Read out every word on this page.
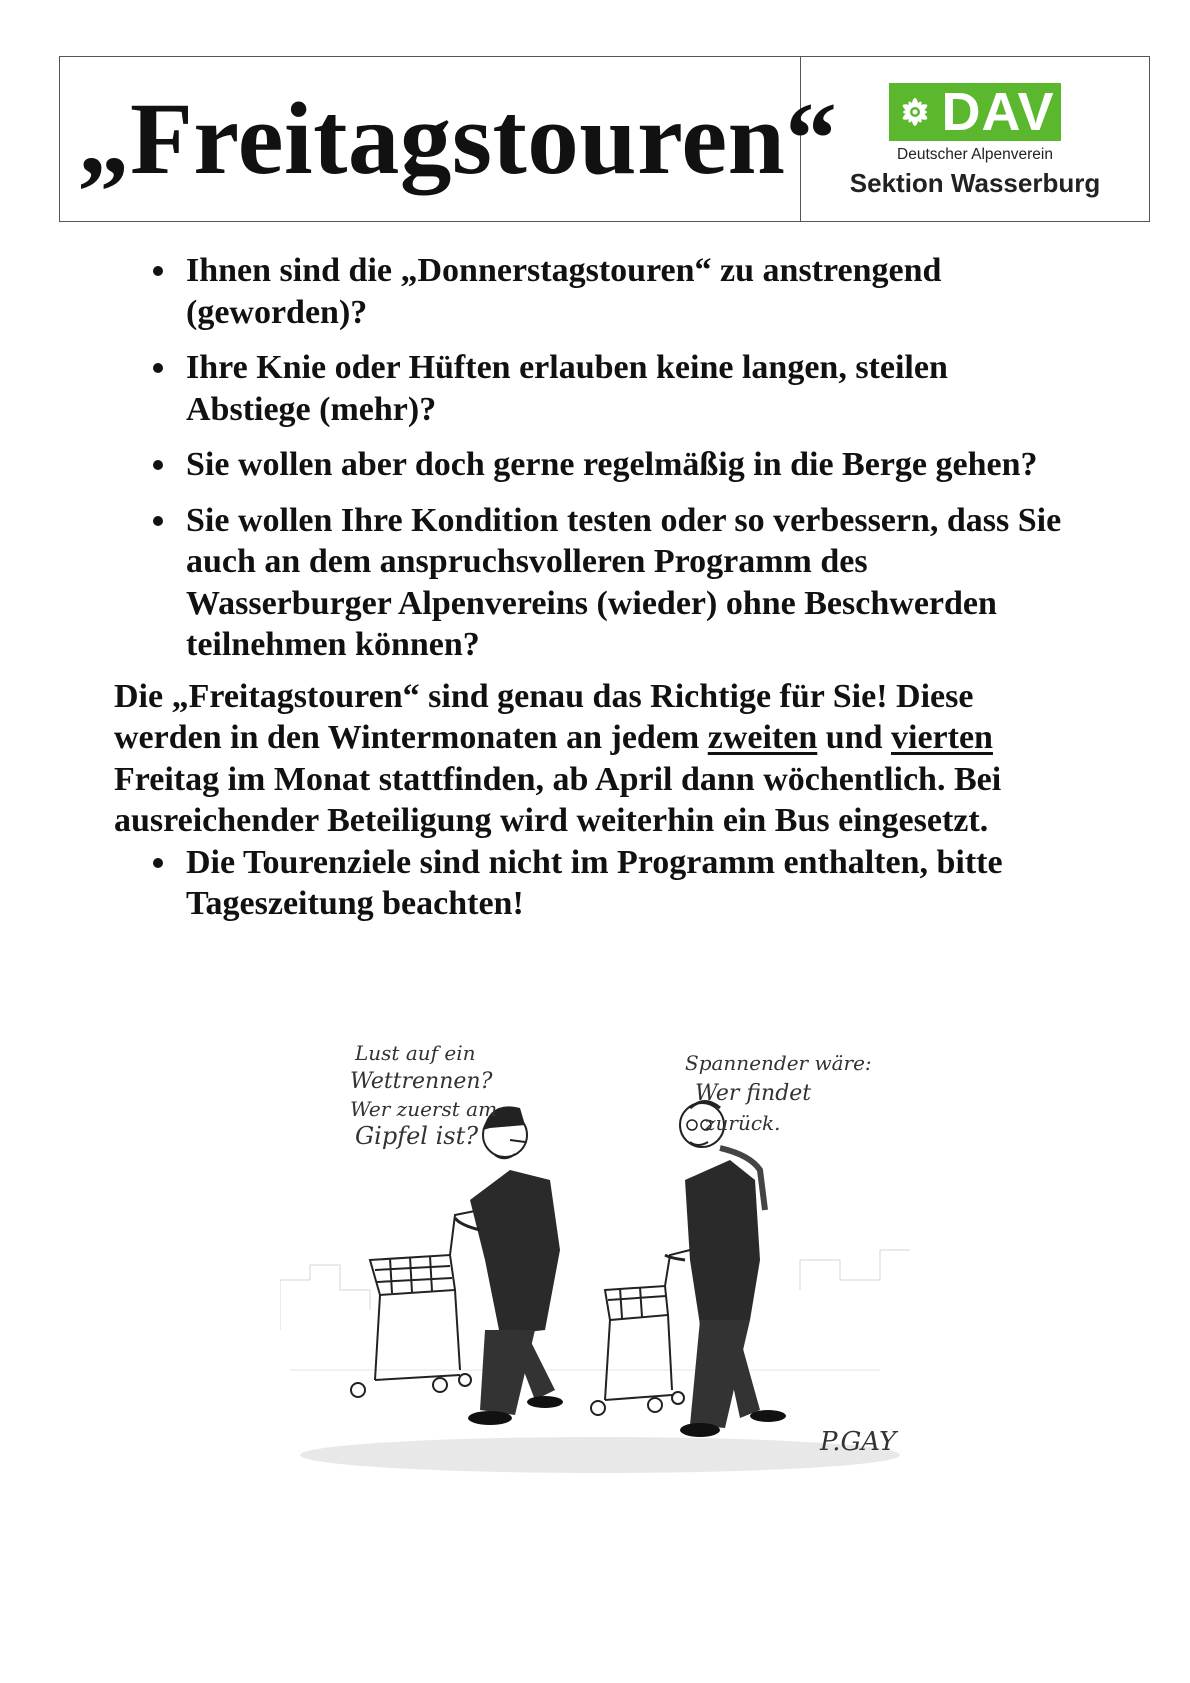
„Freitagstouren“ DAV
Deutscher Alpenverein
Sektion Wasserburg
Ihnen sind die „Donnerstagstouren“ zu anstrengend (geworden)?
Ihre Knie oder Hüften erlauben keine langen, steilen Abstiege (mehr)?
Sie wollen aber doch gerne regelmäßig in die Berge gehen?
Sie wollen Ihre Kondition testen oder so verbessern, dass Sie auch an dem anspruchsvolleren Programm des Wasserburger Alpenvereins (wieder) ohne Beschwerden teilnehmen können?

Die „Freitagstouren“ sind genau das Richtige für Sie! Diese werden in den Wintermonaten an jedem zweiten und vierten Freitag im Monat stattfinden, ab April dann wöchentlich. Bei ausreichender Beteiligung wird weiterhin ein Bus eingesetzt.

Die Tourenziele sind nicht im Programm enthalten, bitte Tageszeitung beachten!
Lust auf ein
Wettrennen?
Wer zuerst am
Gipfel ist?
Spannender wäre:
Wer findet
zurück.
P.GAY
